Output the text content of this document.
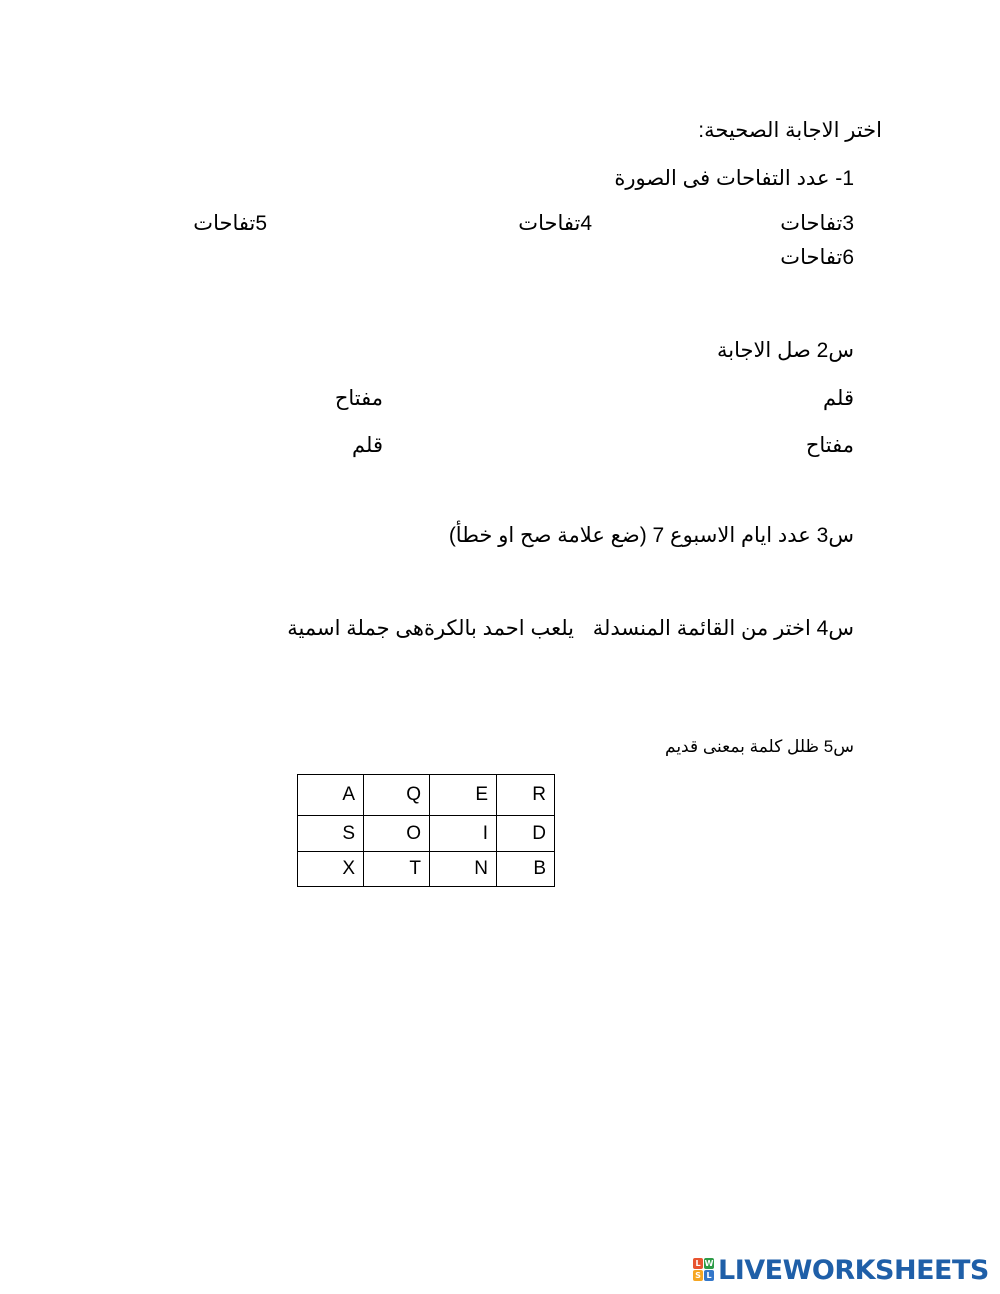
اختر الاجابة الصحيحة:
1- عدد التفاحات فى الصورة
3تفاحات
4تفاحات
5تفاحات
6تفاحات
س2 صل الاجابة
قلم
مفتاح
مفتاح
قلم
س3 عدد ايام الاسبوع 7 (ضع علامة صح او خطأ)
س4 اختر من القائمة المنسدلة
يلعب احمد بالكرة
هى جملة اسمية
س5 ظلل كلمة بمعنى قديم
A	Q	E	R
S	O	I	D
X	T	N	B
L W
S L LIVEWORKSHEETS
